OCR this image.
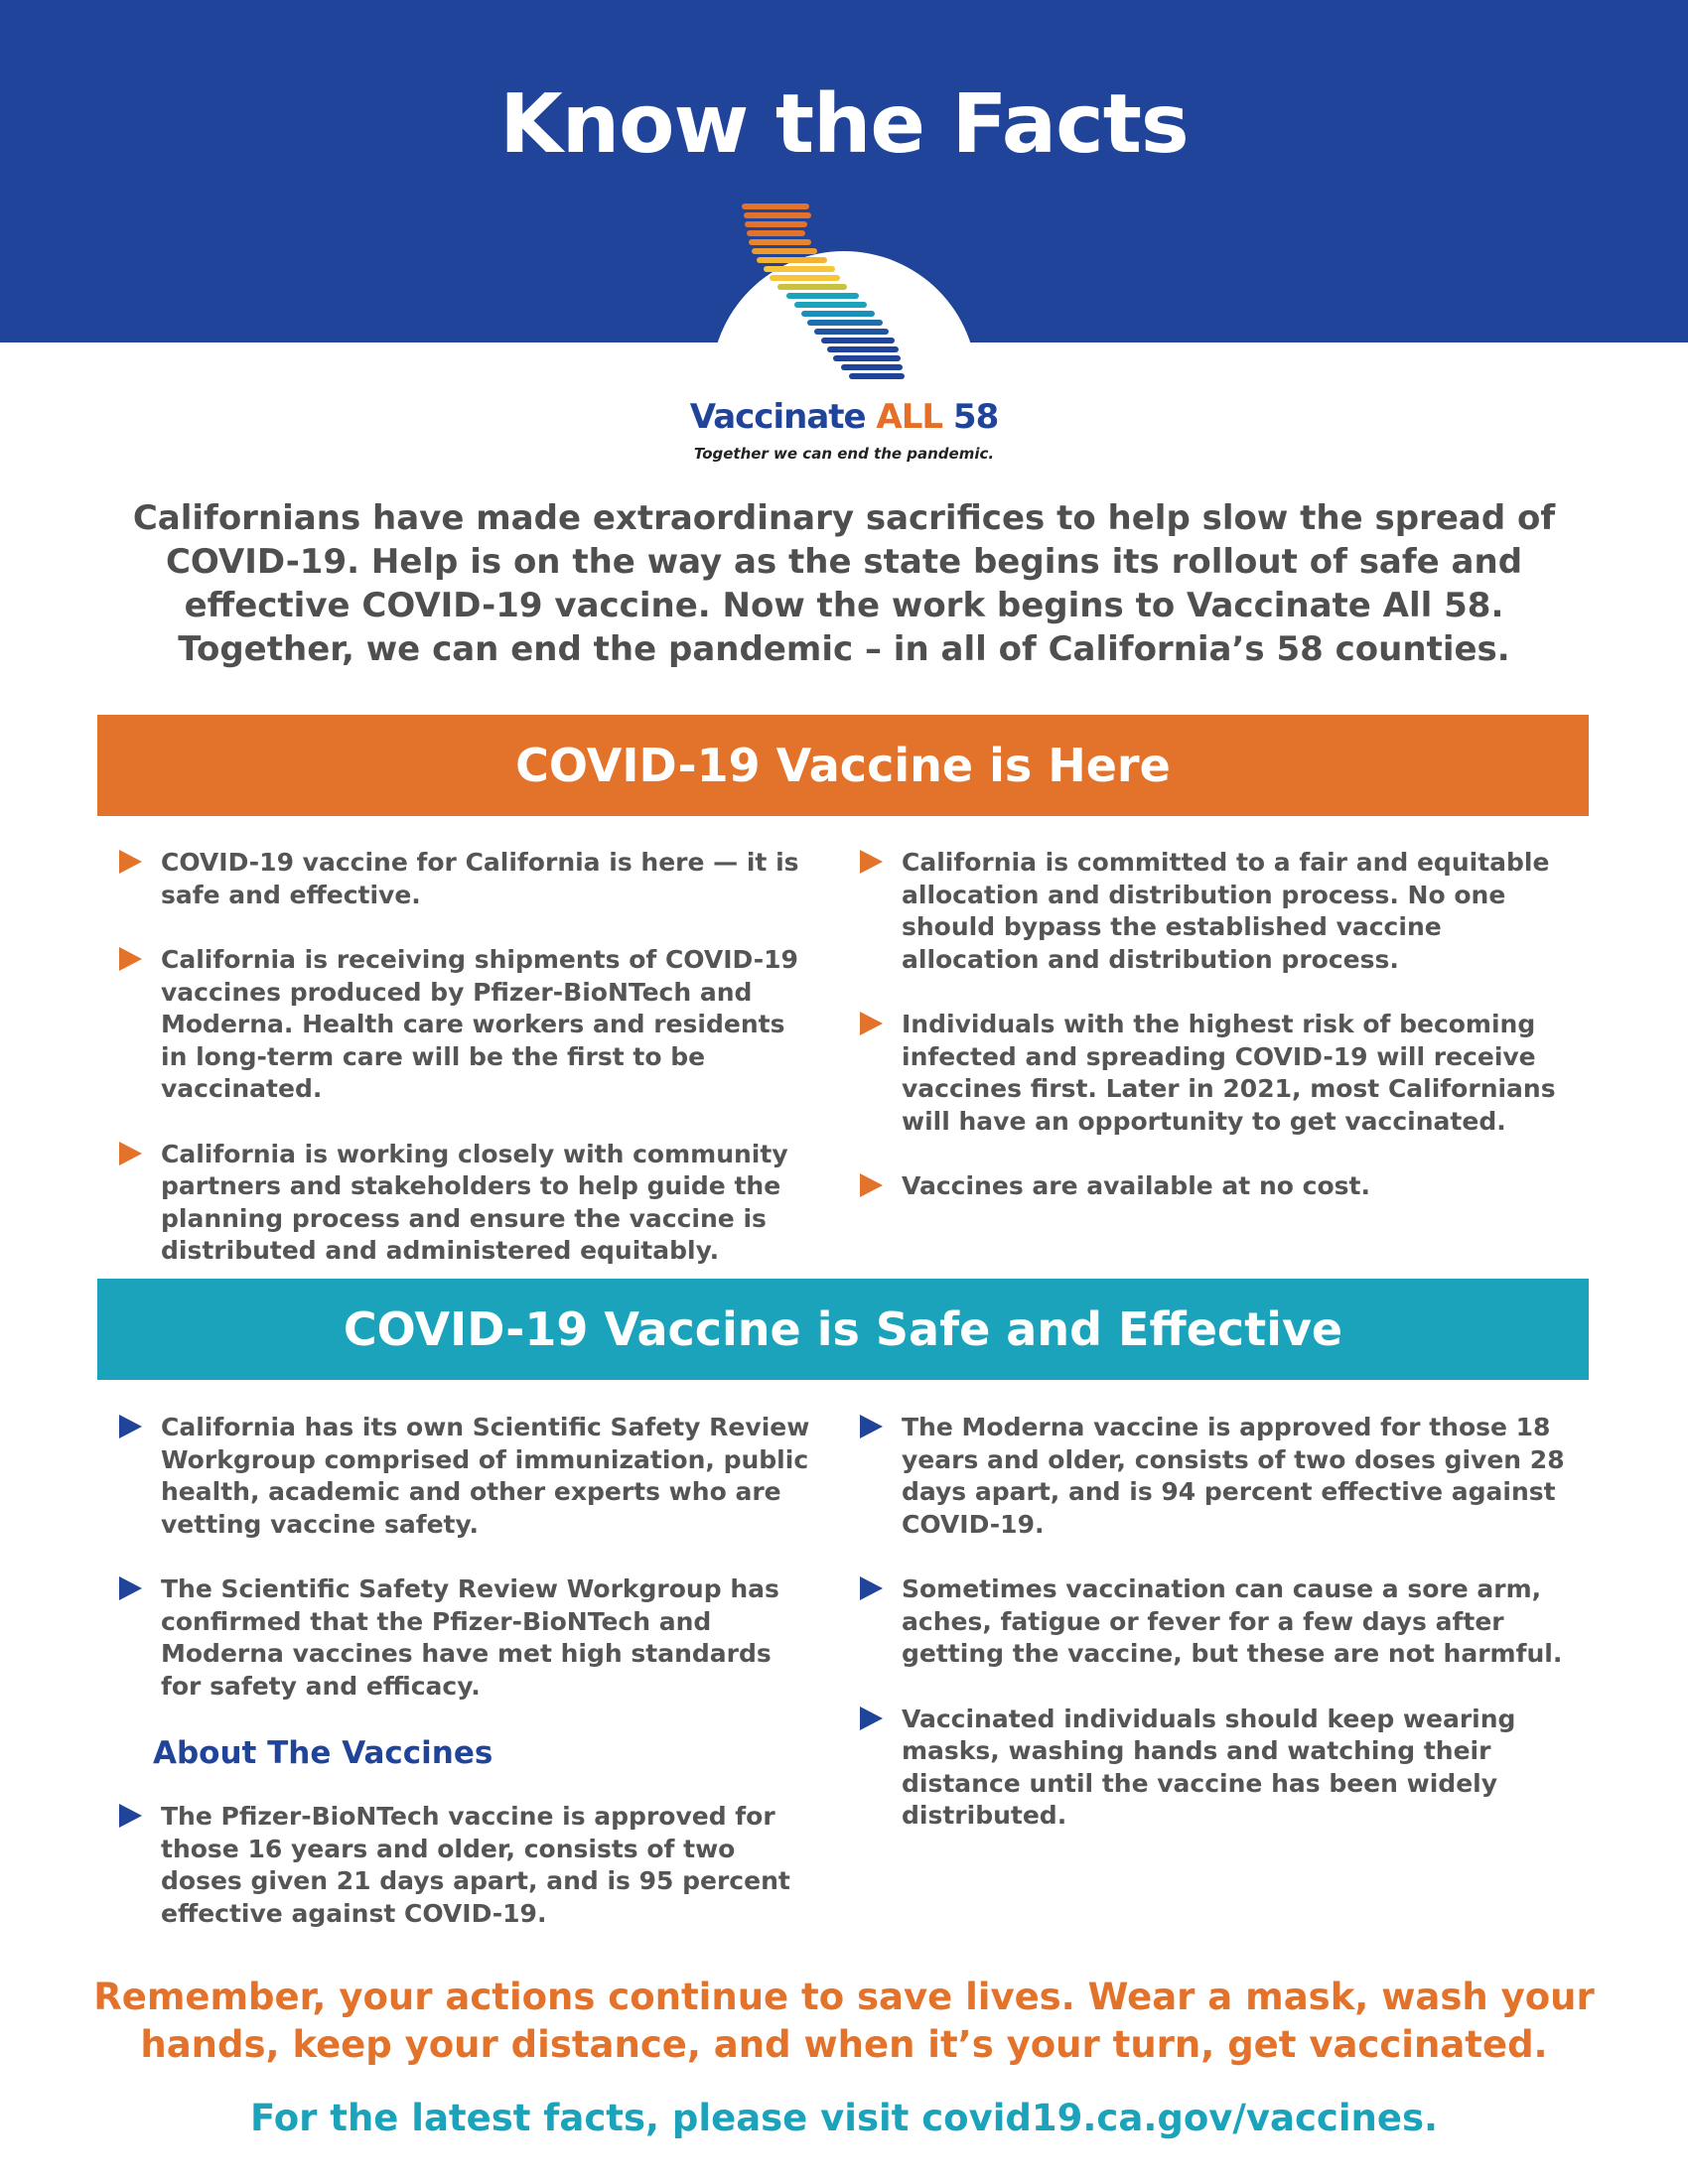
Know the Facts
Vaccinate ALL 58
Together we can end the pandemic.

Californians have made extraordinary sacrifices to help slow the spread of COVID-19. Help is on the way as the state begins its rollout of safe and effective COVID-19 vaccine. Now the work begins to Vaccinate All 58. Together, we can end the pandemic – in all of California’s 58 counties.

COVID-19 Vaccine is Here
COVID-19 vaccine for California is here — it is safe and effective.
California is receiving shipments of COVID-19 vaccines produced by Pfizer-BioNTech and Moderna. Health care workers and residents in long-term care will be the first to be vaccinated.
California is working closely with community partners and stakeholders to help guide the planning process and ensure the vaccine is distributed and administered equitably.
California is committed to a fair and equitable allocation and distribution process. No one should bypass the established vaccine allocation and distribution process.
Individuals with the highest risk of becoming infected and spreading COVID-19 will receive vaccines first. Later in 2021, most Californians will have an opportunity to get vaccinated.
Vaccines are available at no cost.
COVID-19 Vaccine is Safe and Effective
California has its own Scientific Safety Review Workgroup comprised of immunization, public health, academic and other experts who are vetting vaccine safety.
The Scientific Safety Review Workgroup has confirmed that the Pfizer-BioNTech and Moderna vaccines have met high standards for safety and efficacy.
About The Vaccines
The Pfizer-BioNTech vaccine is approved for those 16 years and older, consists of two doses given 21 days apart, and is 95 percent effective against COVID-19.
The Moderna vaccine is approved for those 18 years and older, consists of two doses given 28 days apart, and is 94 percent effective against COVID-19.
Sometimes vaccination can cause a sore arm, aches, fatigue or fever for a few days after getting the vaccine, but these are not harmful.
Vaccinated individuals should keep wearing masks, washing hands and watching their distance until the vaccine has been widely distributed.

Remember, your actions continue to save lives. Wear a mask, wash your hands, keep your distance, and when it’s your turn, get vaccinated.

For the latest facts, please visit covid19.ca.gov/vaccines.
